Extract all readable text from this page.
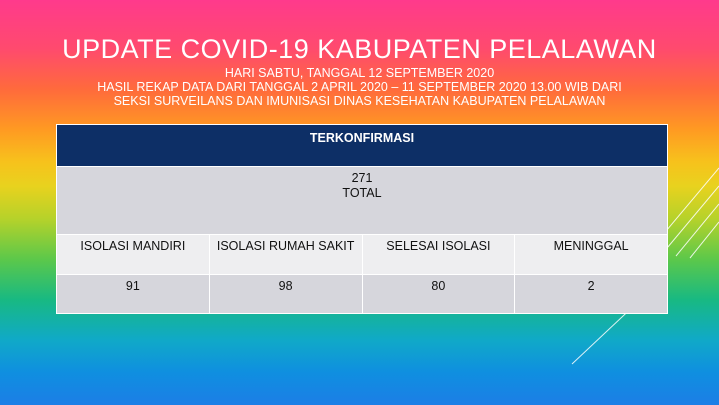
UPDATE COVID-19 KABUPATEN PELALAWAN
HARI SABTU, TANGGAL 12 SEPTEMBER 2020
HASIL REKAP DATA DARI TANGGAL 2 APRIL 2020 – 11 SEPTEMBER 2020 13.00 WIB DARI
SEKSI SURVEILANS DAN IMUNISASI DINAS KESEHATAN KABUPATEN PELALAWAN
TERKONFIRMASI			

271
TOTAL			

ISOLASI MANDIRI	ISOLASI RUMAH SAKIT	SELESAI ISOLASI	MENINGGAL
91	98	80	2
